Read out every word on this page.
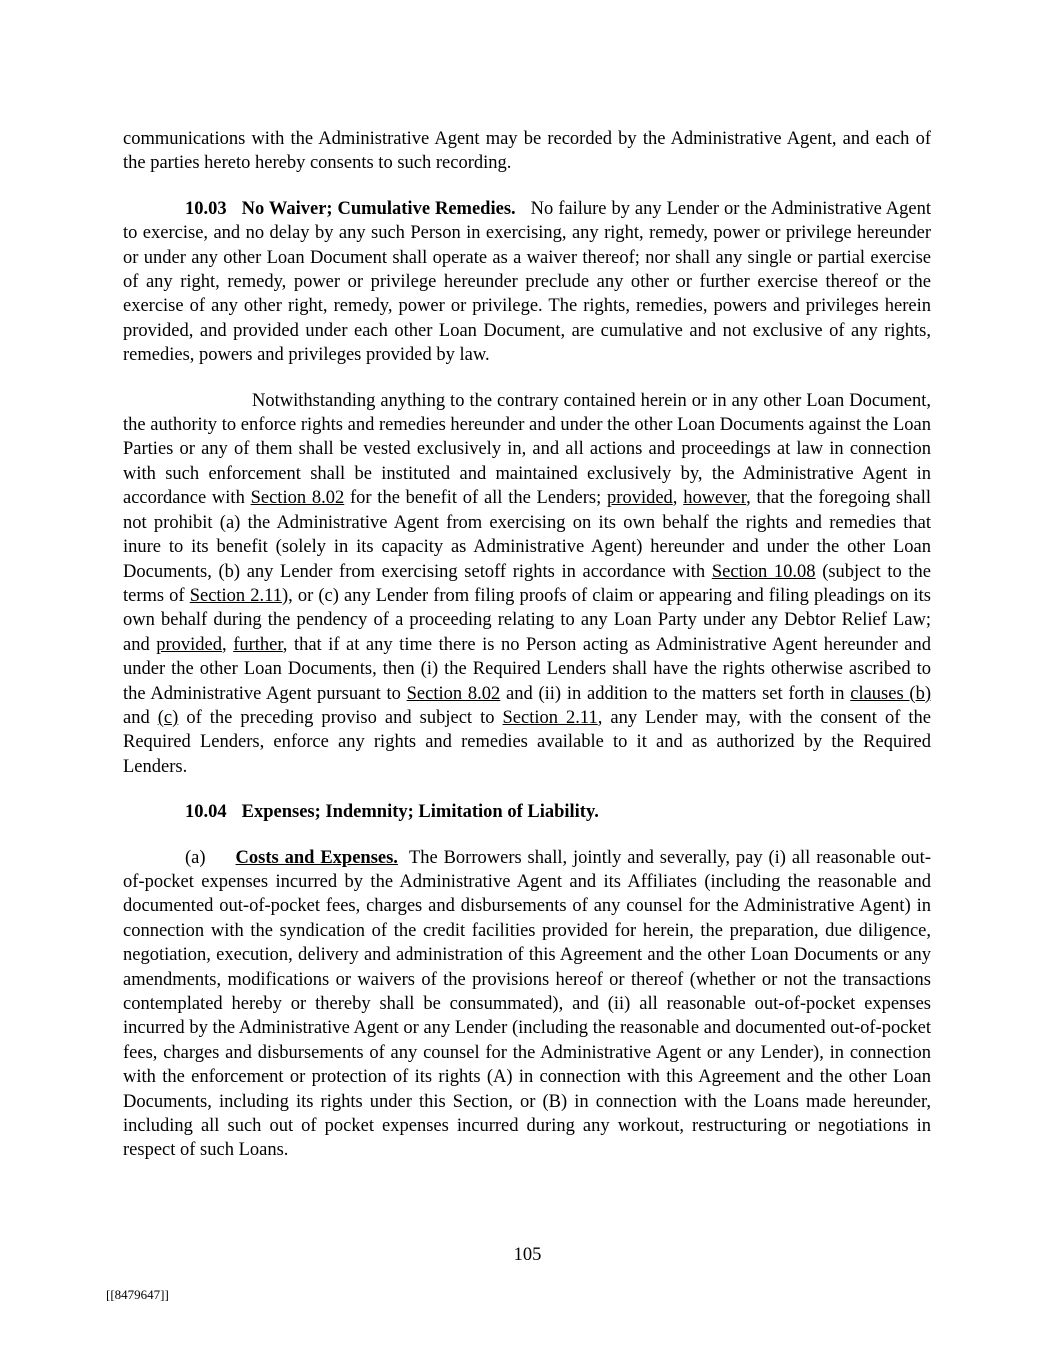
communications with the Administrative Agent may be recorded by the Administrative Agent, and each of the parties hereto hereby consents to such recording.

10.03 No Waiver; Cumulative Remedies. No failure by any Lender or the Administrative Agent to exercise, and no delay by any such Person in exercising, any right, remedy, power or privilege hereunder or under any other Loan Document shall operate as a waiver thereof; nor shall any single or partial exercise of any right, remedy, power or privilege hereunder preclude any other or further exercise thereof or the exercise of any other right, remedy, power or privilege. The rights, remedies, powers and privileges herein provided, and provided under each other Loan Document, are cumulative and not exclusive of any rights, remedies, powers and privileges provided by law.

Notwithstanding anything to the contrary contained herein or in any other Loan Document, the authority to enforce rights and remedies hereunder and under the other Loan Documents against the Loan Parties or any of them shall be vested exclusively in, and all actions and proceedings at law in connection with such enforcement shall be instituted and maintained exclusively by, the Administrative Agent in accordance with Section 8.02 for the benefit of all the Lenders; provided, however, that the foregoing shall not prohibit (a) the Administrative Agent from exercising on its own behalf the rights and remedies that inure to its benefit (solely in its capacity as Administrative Agent) hereunder and under the other Loan Documents, (b) any Lender from exercising setoff rights in accordance with Section 10.08 (subject to the terms of Section 2.11), or (c) any Lender from filing proofs of claim or appearing and filing pleadings on its own behalf during the pendency of a proceeding relating to any Loan Party under any Debtor Relief Law; and provided, further, that if at any time there is no Person acting as Administrative Agent hereunder and under the other Loan Documents, then (i) the Required Lenders shall have the rights otherwise ascribed to the Administrative Agent pursuant to Section 8.02 and (ii) in addition to the matters set forth in clauses (b) and (c) of the preceding proviso and subject to Section 2.11, any Lender may, with the consent of the Required Lenders, enforce any rights and remedies available to it and as authorized by the Required Lenders.

10.04 Expenses; Indemnity; Limitation of Liability.

(a) Costs and Expenses. The Borrowers shall, jointly and severally, pay (i) all reasonable out-of-pocket expenses incurred by the Administrative Agent and its Affiliates (including the reasonable and documented out-of-pocket fees, charges and disbursements of any counsel for the Administrative Agent) in connection with the syndication of the credit facilities provided for herein, the preparation, due diligence, negotiation, execution, delivery and administration of this Agreement and the other Loan Documents or any amendments, modifications or waivers of the provisions hereof or thereof (whether or not the transactions contemplated hereby or thereby shall be consummated), and (ii) all reasonable out-of-pocket expenses incurred by the Administrative Agent or any Lender (including the reasonable and documented out-of-pocket fees, charges and disbursements of any counsel for the Administrative Agent or any Lender), in connection with the enforcement or protection of its rights (A) in connection with this Agreement and the other Loan Documents, including its rights under this Section, or (B) in connection with the Loans made hereunder, including all such out of pocket expenses incurred during any workout, restructuring or negotiations in respect of such Loans.

105
[[8479647]]
